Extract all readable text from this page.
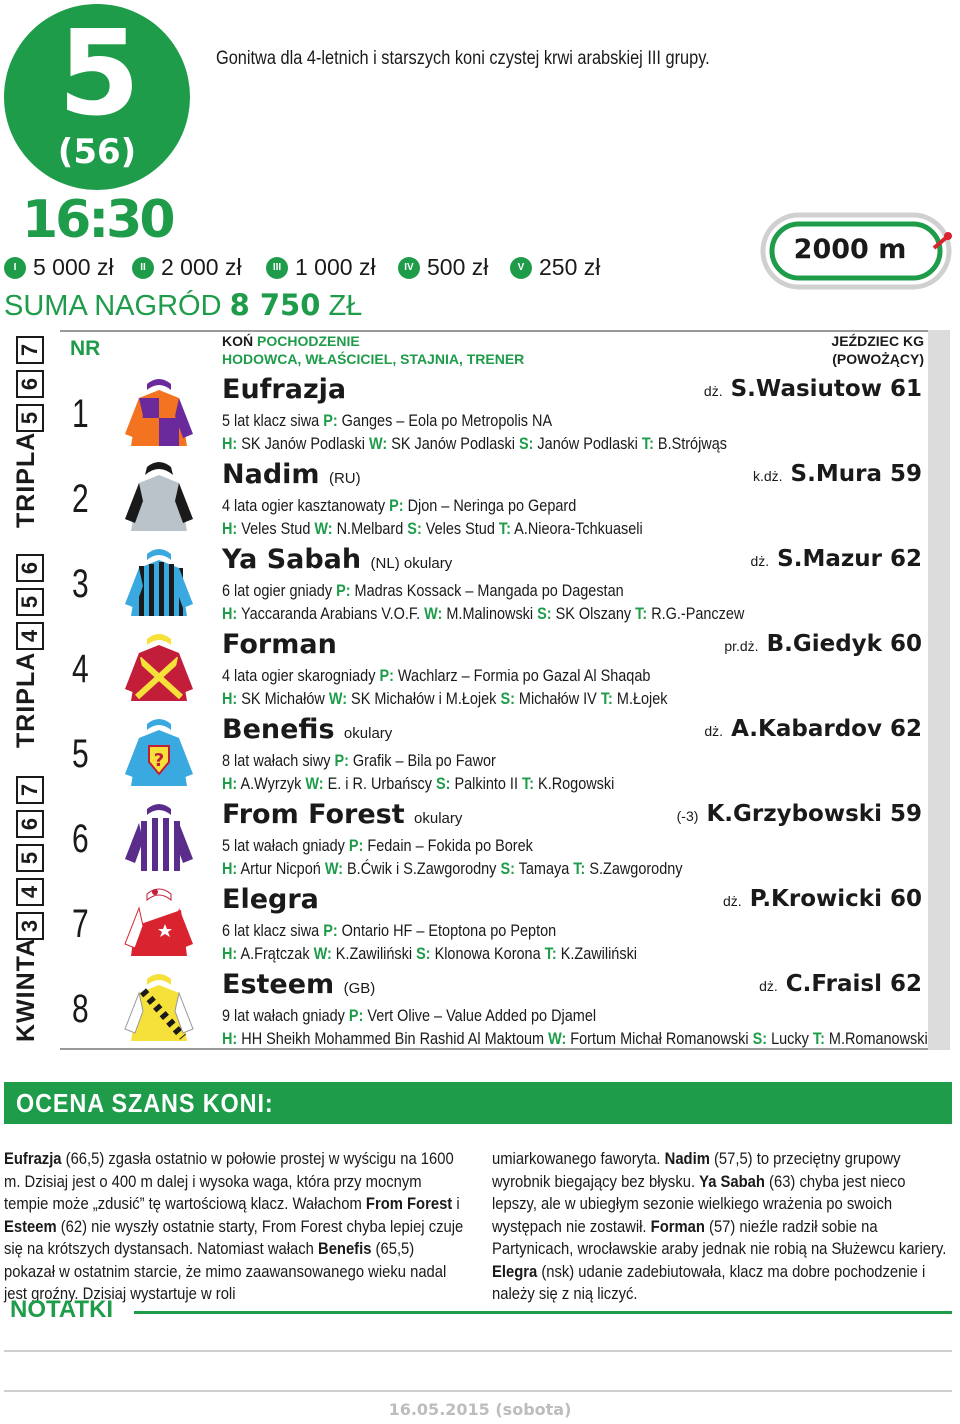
5
(56)
16:30
Gonitwa dla 4-letnich i starszych koni czystej krwi arabskiej III grupy.
I 5 000 zł	II 2 000 zł	III 1 000 zł	IV 500 zł	V 250 zł
SUMA NAGRÓD 8 750 ZŁ
2000 m
KWINTA
3
4
5
6
7
TRIPLA
4
5
6
TRIPLA
5
6
7 NR	KOŃ POCHODZENIE
HODOWCA, WŁAŚCICIEL, STAJNIA, TRENER
JEŹDZIEC KG
(POWOŻĄCY)
1
Eufrazja	dż. S.Wasiutow 61
5 lat klacz siwa P: Ganges – Eola po Metropolis NA
H: SK Janów Podlaski W: SK Janów Podlaski S: Janów Podlaski T: B.Strójwąs
2
Nadim (RU)	k.dż. S.Mura 59
4 lata ogier kasztanowaty P: Djon – Neringa po Gepard
H: Veles Stud W: N.Melbard S: Veles Stud T: A.Nieora-Tchkuaseli
3
Ya Sabah (NL) okulary	dż. S.Mazur 62
6 lat ogier gniady P: Madras Kossack – Mangada po Dagestan
H: Yaccaranda Arabians V.O.F. W: M.Malinowski S: SK Olszany T: R.G.-Panczew
4
Forman	pr.dż. B.Giedyk 60
4 lata ogier skarogniady P: Wachlarz – Formia po Gazal Al Shaqab
H: SK Michałów W: SK Michałów i M.Łojek S: Michałów IV T: M.Łojek
5	?
Benefis okulary	dż. A.Kabardov 62
8 lat wałach siwy P: Grafik – Bila po Fawor
H: A.Wyrzyk W: E. i R. Urbańscy S: Palkinto II T: K.Rogowski
6
From Forest okulary	(-3) K.Grzybowski 59
5 lat wałach gniady P: Fedain – Fokida po Borek
H: Artur Nicpoń W: B.Ćwik i S.Zawgorodny S: Tamaya T: S.Zawgorodny
7
Elegra	dż. P.Krowicki 60
6 lat klacz siwa P: Ontario HF – Etoptona po Pepton
H: A.Frątczak W: K.Zawiliński S: Klonowa Korona T: K.Zawiliński
8
Esteem (GB)	dż. C.Fraisl 62
9 lat wałach gniady P: Vert Olive – Value Added po Djamel
H: HH Sheikh Mohammed Bin Rashid Al Maktoum W: Fortum Michał Romanowski S: Lucky T: M.Romanowski
OCENA SZANS KONI:
Eufrazja (66,5) zgasła ostatnio w połowie prostej w wyścigu na 1600 m. Dzisiaj jest o 400 m dalej i wysoka waga, która przy mocnym tempie może „zdusić” tę wartościową klacz. Wałachom From Forest i Esteem (62) nie wyszły ostatnie starty, From Forest chyba lepiej czuje się na krótszych dystansach. Natomiast wałach Benefis (65,5) pokazał w ostatnim starcie, że mimo zaawansowanego wieku nadal jest groźny. Dzisiaj wystartuje w roli
umiarkowanego faworyta. Nadim (57,5) to przeciętny grupowy wyrobnik biegający bez błysku. Ya Sabah (63) chyba jest nieco lepszy, ale w ubiegłym sezonie wielkiego wrażenia po swoich występach nie zostawił. Forman (57) nieźle radził sobie na Partynicach, wrocławskie araby jednak nie robią na Służewcu kariery. Elegra (nsk) udanie zadebiutowała, klacz ma dobre pochodzenie i należy się z nią liczyć.
NOTATKI
16.05.2015 (sobota)
